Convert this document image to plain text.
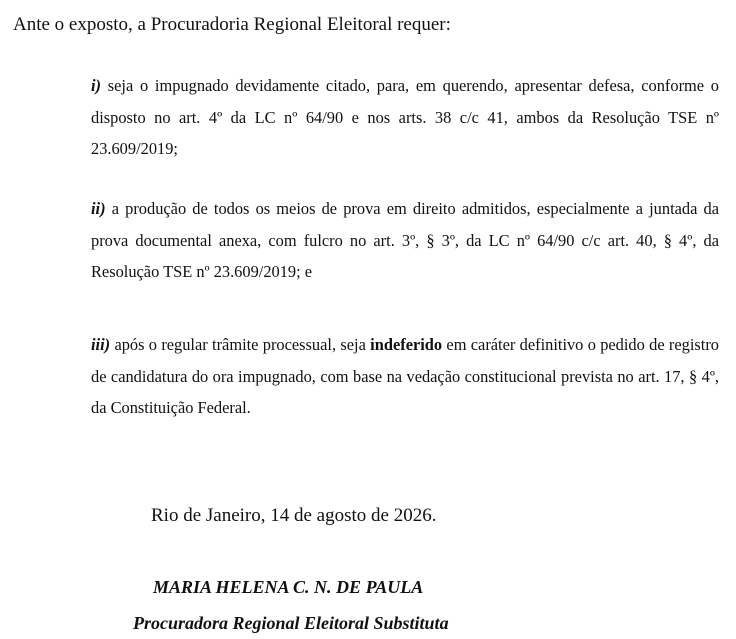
Ante o exposto, a Procuradoria Regional Eleitoral requer:
i) seja o impugnado devidamente citado, para, em querendo, apresentar defesa, conforme o disposto no art. 4º da LC nº 64/90 e nos arts. 38 c/c 41, ambos da Resolução TSE nº 23.609/2019;
ii) a produção de todos os meios de prova em direito admitidos, especialmente a juntada da prova documental anexa, com fulcro no art. 3º, § 3º, da LC nº 64/90 c/c art. 40, § 4º, da Resolução TSE nº 23.609/2019; e
iii) após o regular trâmite processual, seja indeferido em caráter definitivo o pedido de registro de candidatura do ora impugnado, com base na vedação constitucional prevista no art. 17, § 4º, da Constituição Federal.
Rio de Janeiro, 14 de agosto de 2026.
MARIA HELENA C. N. DE PAULA
Procuradora Regional Eleitoral Substituta
